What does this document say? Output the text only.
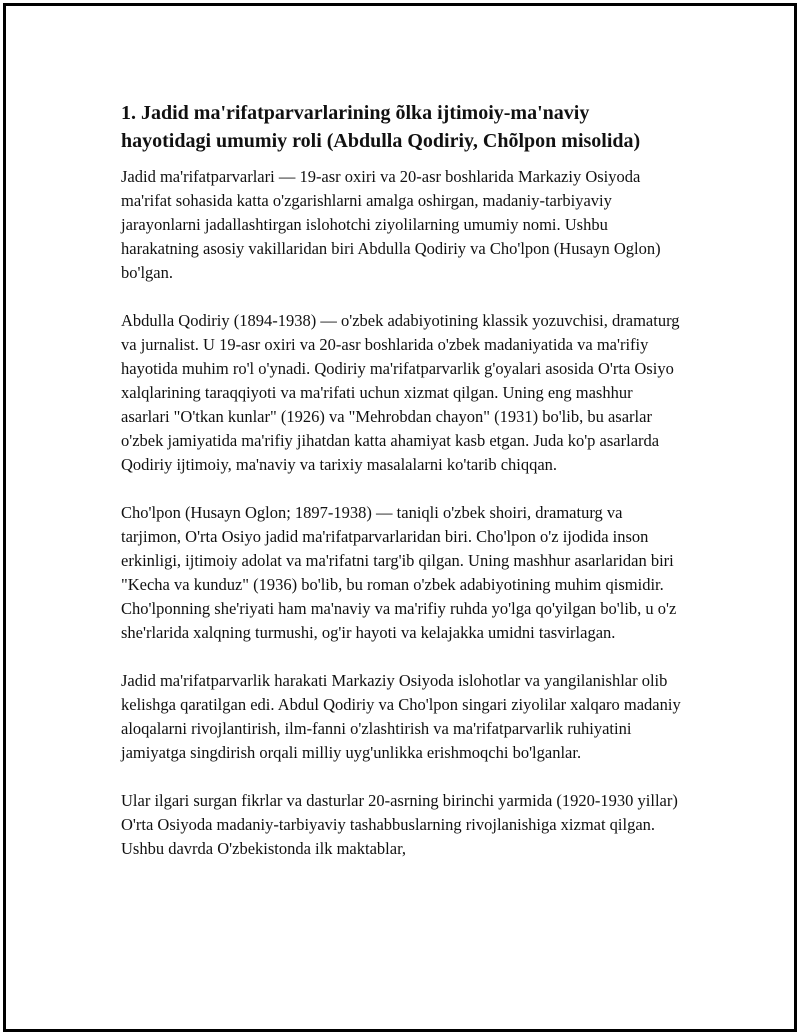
1. Jadid ma'rifatparvarlarining õlka ijtimoiy-ma'naviy hayotidagi umumiy roli (Abdulla Qodiriy, Chõlpon misolida)

Jadid ma'rifatparvarlari — 19-asr oxiri va 20-asr boshlarida Markaziy Osiyoda ma'rifat sohasida katta o'zgarishlarni amalga oshirgan, madaniy-tarbiyaviy jarayonlarni jadallashtirgan islohotchi ziyolilarning umumiy nomi. Ushbu harakatning asosiy vakillaridan biri Abdulla Qodiriy va Cho'lpon (Husayn Oglon) bo'lgan.

Abdulla Qodiriy (1894-1938) — o'zbek adabiyotining klassik yozuvchisi, dramaturg va jurnalist. U 19-asr oxiri va 20-asr boshlarida o'zbek madaniyatida va ma'rifiy hayotida muhim ro'l o'ynadi. Qodiriy ma'rifatparvarlik g'oyalari asosida O'rta Osiyo xalqlarining taraqqiyoti va ma'rifati uchun xizmat qilgan. Uning eng mashhur asarlari "O'tkan kunlar" (1926) va "Mehrobdan chayon" (1931) bo'lib, bu asarlar o'zbek jamiyatida ma'rifiy jihatdan katta ahamiyat kasb etgan. Juda ko'p asarlarda Qodiriy ijtimoiy, ma'naviy va tarixiy masalalarni ko'tarib chiqqan.

Cho'lpon (Husayn Oglon; 1897-1938) — taniqli o'zbek shoiri, dramaturg va tarjimon, O'rta Osiyo jadid ma'rifatparvarlaridan biri. Cho'lpon o'z ijodida inson erkinligi, ijtimoiy adolat va ma'rifatni targ'ib qilgan. Uning mashhur asarlaridan biri "Kecha va kunduz" (1936) bo'lib, bu roman o'zbek adabiyotining muhim qismidir. Cho'lponning she'riyati ham ma'naviy va ma'rifiy ruhda yo'lga qo'yilgan bo'lib, u o'z she'rlarida xalqning turmushi, og'ir hayoti va kelajakka umidni tasvirlagan.

Jadid ma'rifatparvarlik harakati Markaziy Osiyoda islohotlar va yangilanishlar olib kelishga qaratilgan edi. Abdul Qodiriy va Cho'lpon singari ziyolilar xalqaro madaniy aloqalarni rivojlantirish, ilm-fanni o'zlashtirish va ma'rifatparvarlik ruhiyatini jamiyatga singdirish orqali milliy uyg'unlikka erishmoqchi bo'lganlar.

Ular ilgari surgan fikrlar va dasturlar 20-asrning birinchi yarmida (1920-1930 yillar) O'rta Osiyoda madaniy-tarbiyaviy tashabbuslarning rivojlanishiga xizmat qilgan. Ushbu davrda O'zbekistonda ilk maktablar,
